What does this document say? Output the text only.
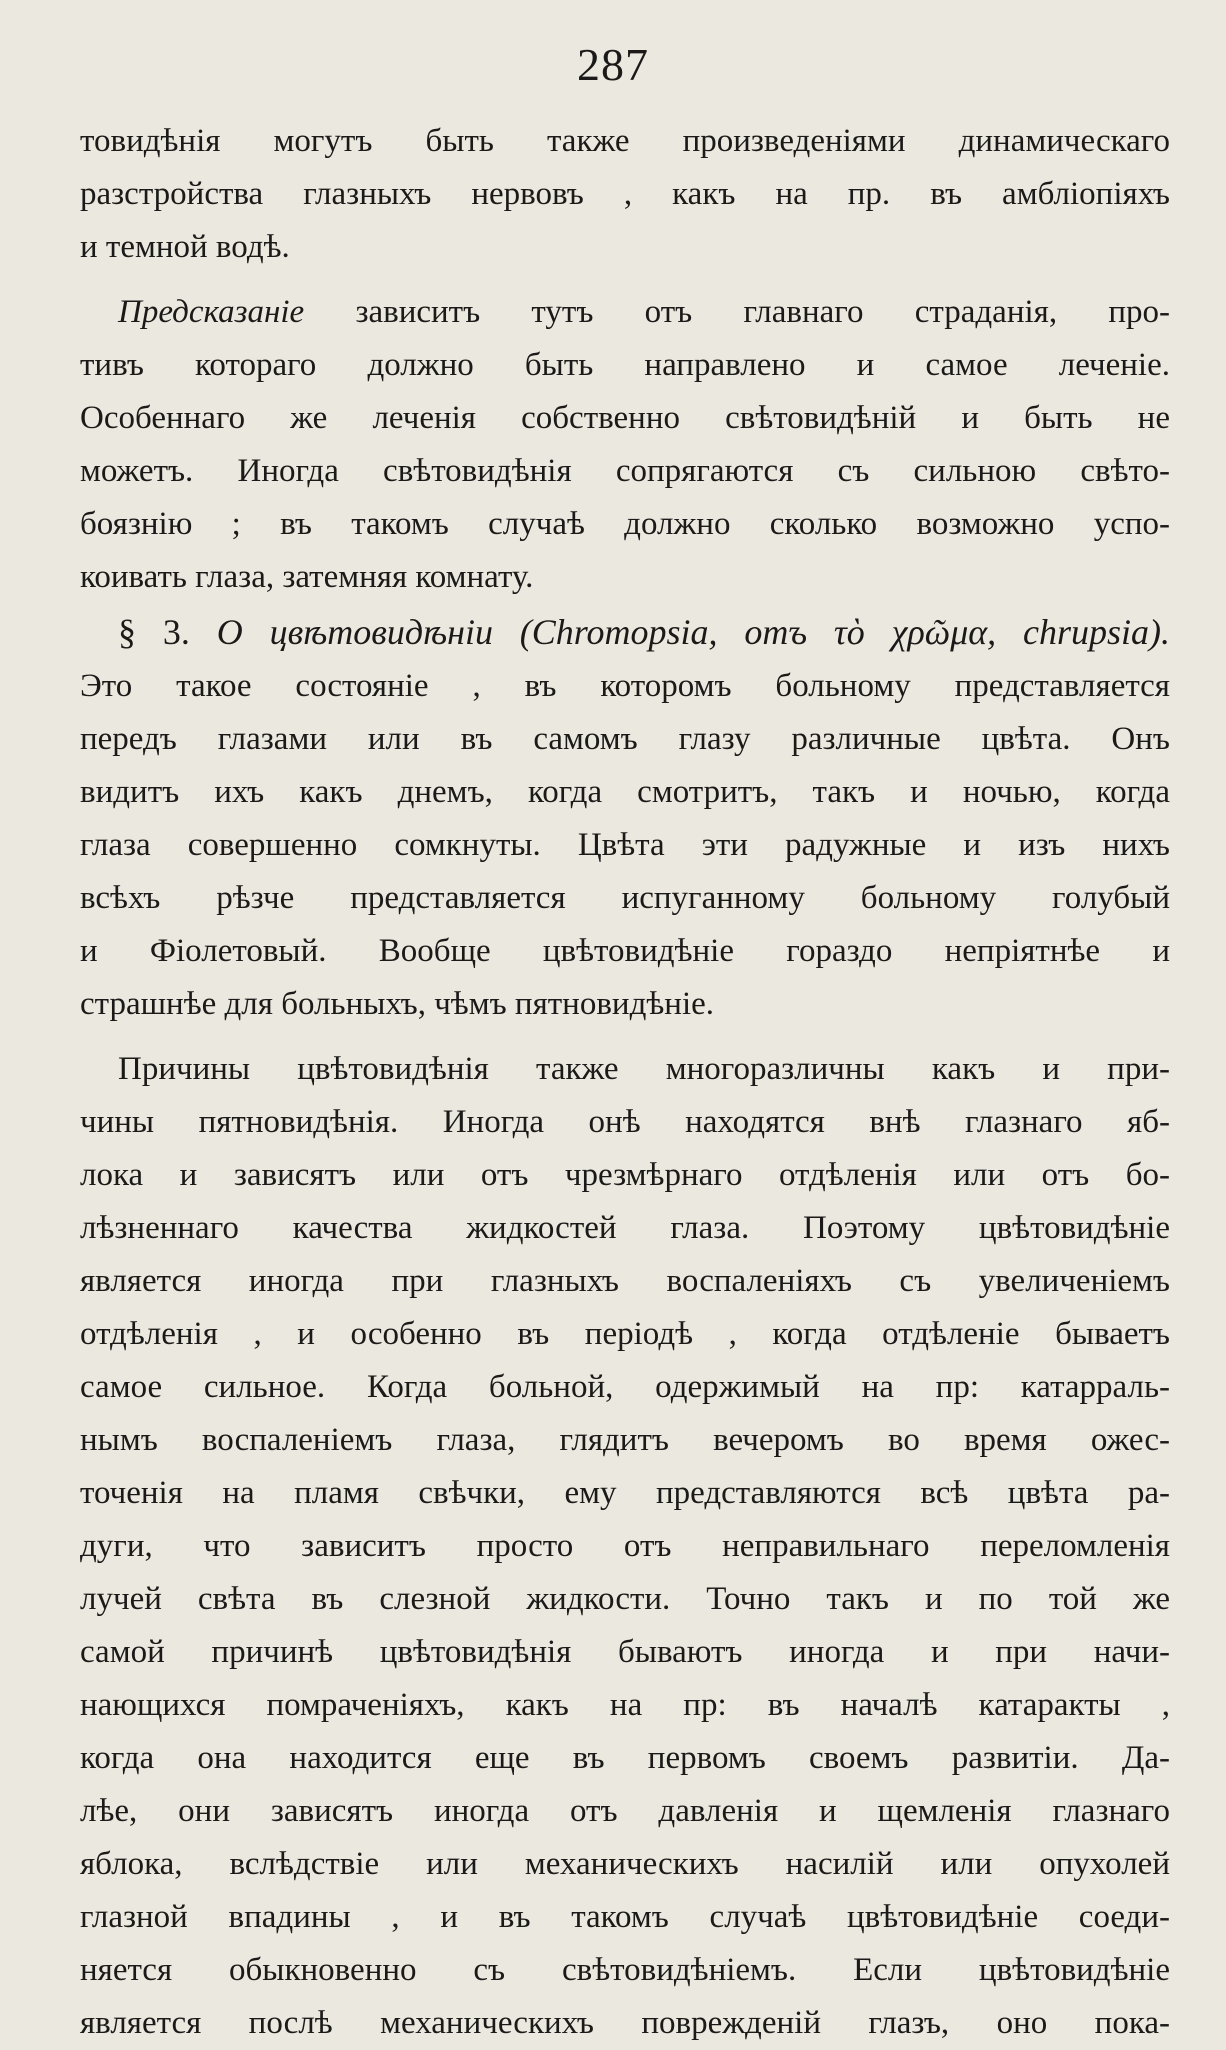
287
товидѣнія могутъ быть также произведеніями динамическаго
разстройства глазныхъ нервовъ , какъ на пр. въ амбліопіяхъ
и темной водѣ.
Предсказаніе зависитъ тутъ отъ главнаго страданія, про-
тивъ котораго должно быть направлено и самое леченіе.
Особеннаго же леченія собственно свѣтовидѣній и быть не
можетъ. Иногда свѣтовидѣнія сопрягаются съ сильною свѣто-
боязнію ; въ такомъ случаѣ должно сколько возможно успо-
коивать глаза, затемняя комнату.
§ 3. О цвѣтовидѣніи (Chromopsia, отъ τὸ χρῶμα, chrupsia).
Это такое состояніе , въ которомъ больному представляется
передъ глазами или въ самомъ глазу различные цвѣта. Онъ
видитъ ихъ какъ днемъ, когда смотритъ, такъ и ночью, когда
глаза совершенно сомкнуты. Цвѣта эти радужные и изъ нихъ
всѣхъ рѣзче представляется испуганному больному голубый
и Фіолетовый. Вообще цвѣтовидѣніе гораздо непріятнѣе и
страшнѣе для больныхъ, чѣмъ пятновидѣніе.
Причины цвѣтовидѣнія также многоразличны какъ и при-
чины пятновидѣнія. Иногда онѣ находятся внѣ глазнаго яб-
лока и зависятъ или отъ чрезмѣрнаго отдѣленія или отъ бо-
лѣзненнаго качества жидкостей глаза. Поэтому цвѣтовидѣніе
является иногда при глазныхъ воспаленіяхъ съ увеличеніемъ
отдѣленія , и особенно въ періодѣ , когда отдѣленіе бываетъ
самое сильное. Когда больной, одержимый на пр: катарраль-
нымъ воспаленіемъ глаза, глядитъ вечеромъ во время ожес-
точенія на пламя свѣчки, ему представляются всѣ цвѣта ра-
дуги, что зависитъ просто отъ неправильнаго переломленія
лучей свѣта въ слезной жидкости. Точно такъ и по той же
самой причинѣ цвѣтовидѣнія бываютъ иногда и при начи-
нающихся помраченіяхъ, какъ на пр: въ началѣ катаракты ,
когда она находится еще въ первомъ своемъ развитіи. Да-
лѣе, они зависятъ иногда отъ давленія и щемленія глазнаго
яблока, вслѣдствіе или механическихъ насилій или опухолей
глазной впадины , и въ такомъ случаѣ цвѣтовидѣніе соеди-
няется обыкновенно съ свѣтовидѣніемъ. Если цвѣтовидѣніе
является послѣ механическихъ поврежденій глазъ, оно пока-
